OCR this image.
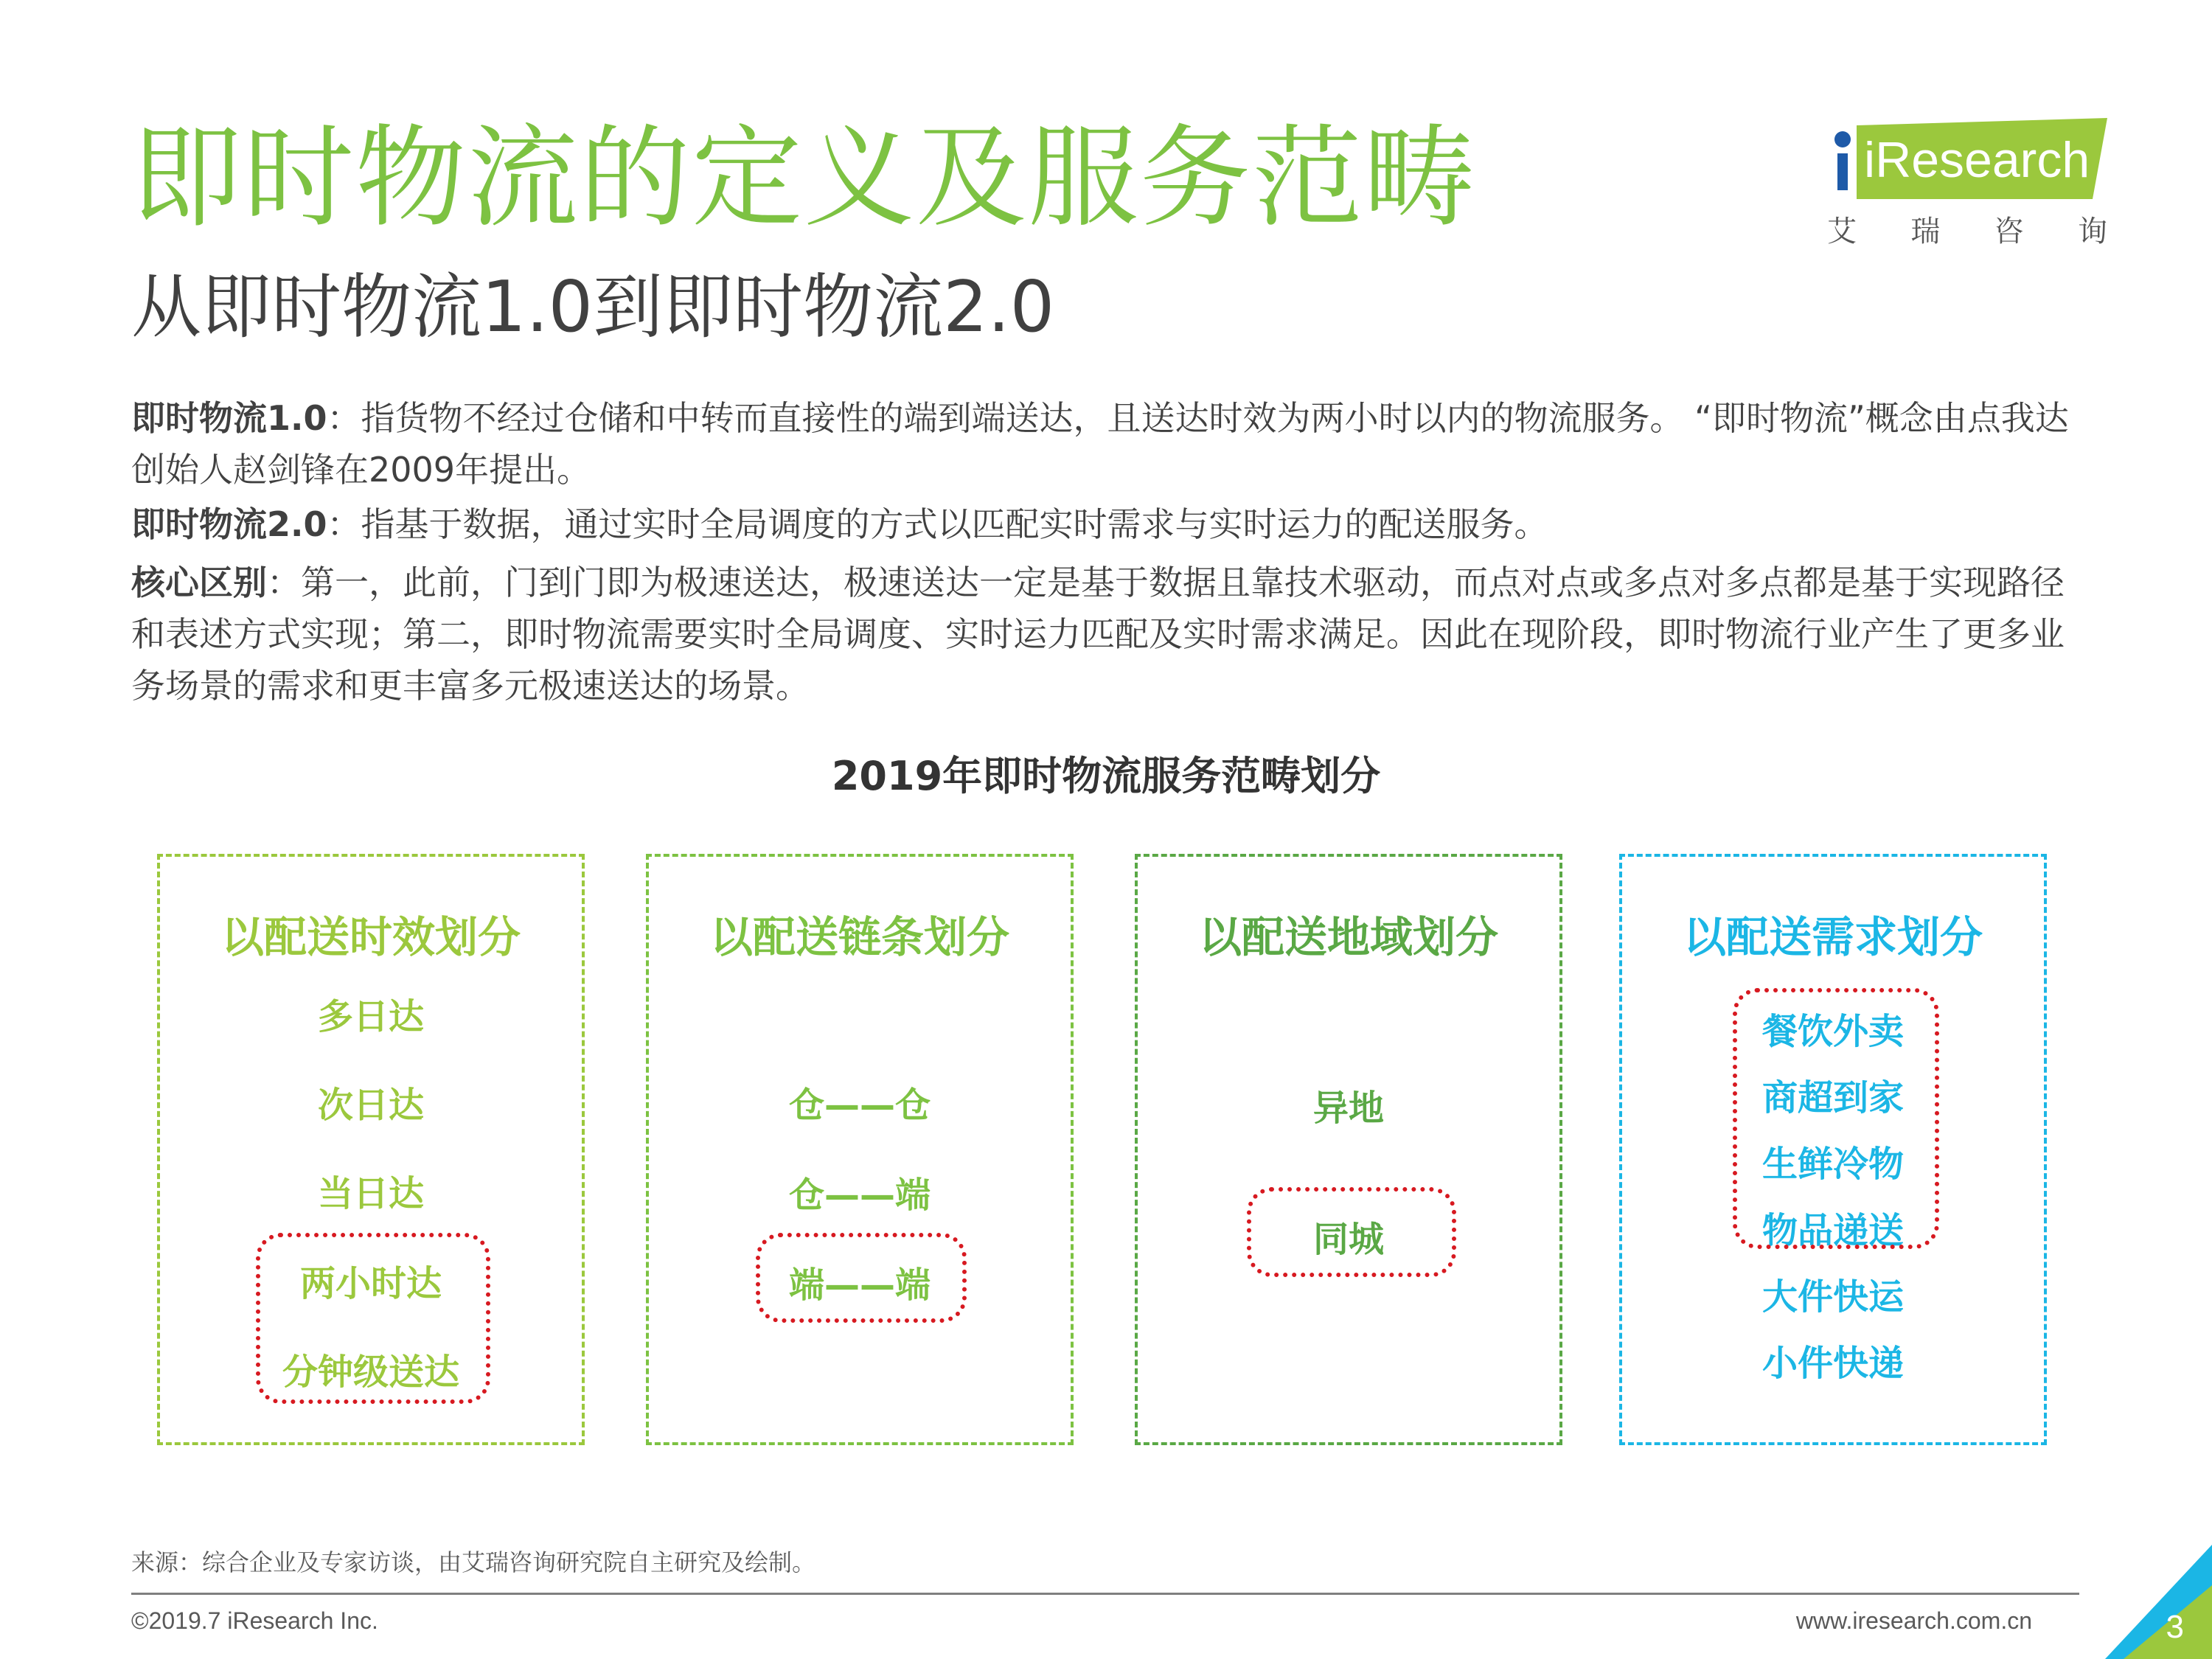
即时物流的定义及服务范畴
从即时物流1.0到即时物流2.0
iResearch
艾 瑞 咨 询
即时物流1.0：指货物不经过仓储和中转而直接性的端到端送达，且送达时效为两小时以内的物流服务。 “即时物流”概念由点我达创始人赵剑锋在2009年提出。
即时物流2.0：指基于数据，通过实时全局调度的方式以匹配实时需求与实时运力的配送服务。
核心区别：第一，此前，门到门即为极速送达，极速送达一定是基于数据且靠技术驱动，而点对点或多点对多点都是基于实现路径和表述方式实现；第二，即时物流需要实时全局调度、实时运力匹配及实时需求满足。因此在现阶段，即时物流行业产生了更多业务场景的需求和更丰富多元极速送达的场景。
2019年即时物流服务范畴划分
以配送时效划分
多日达
次日达
当日达
两小时达
分钟级送达
以配送链条划分
仓——仓
仓——端
端——端
以配送地域划分
异地
同城
以配送需求划分
餐饮外卖
商超到家
生鲜冷物
物品递送
大件快运
小件快递
来源：综合企业及专家访谈，由艾瑞咨询研究院自主研究及绘制。
©2019.7 iResearch Inc.	www.iresearch.com.cn	3
